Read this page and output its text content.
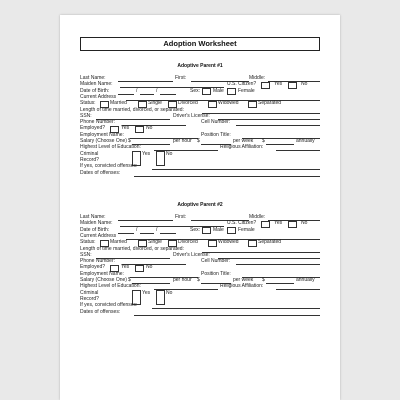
Adoption Worksheet
Adoptive Parent #1
Last Name:	First:	Middle:
Maiden Name:	U.S. Citizen?	Yes	No
Date of Birth:	/	/	Sex:	Male	Female
Current Address
Status:	Married	Single	Divorced	Widowed	Separated
Length of time married, divorced, or separated:
SSN:	Driver's License:
Phone Number:	Cell Number:
Employed?	Yes	No
Employment Name:	Position Title:
Salary (Choose One) $	per hour $	per week $	annually
Highest Level of Education:	Religious Affiliation:
Criminal	Yes	No
Record?
If yes, convicted offenses:
Dates of offenses:
Adoptive Parent #2
Last Name:	First:	Middle:
Maiden Name:	U.S. Citizen?	Yes	No
Date of Birth:	/	/	Sex:	Male	Female
Current Address
Status:	Married	Single	Divorced	Widowed	Separated
Length of time married, divorced, or separated:
SSN:	Driver's License:
Phone Number:	Cell Number:
Employed?	Yes	No
Employment Name:	Position Title:
Salary (Choose One) $	per hour $	per week $	annually
Highest Level of Education:	Religious Affiliation:
Criminal	Yes	No
Record?
If yes, convicted offenses:
Dates of offenses:
